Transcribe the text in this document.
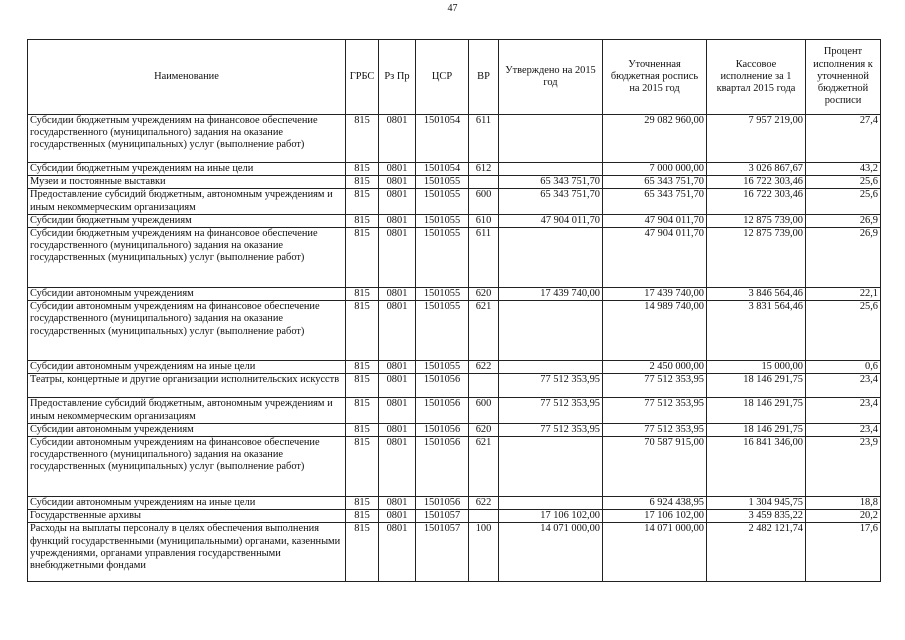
47
Наименование	ГРБС	Рз Пр	ЦСР	ВР	Утверждено на 2015 год	Уточненная бюджетная роспись на 2015 год	Кассовое исполнение за 1 квартал 2015 года	Процент исполнения к уточненной бюджетной росписи
Субсидии бюджетным учреждениям на финансовое обеспечение государственного (муниципального) задания на оказание государственных (муниципальных) услуг (выполнение работ)	815	0801	1501054	611		29 082 960,00	7 957 219,00	27,4
Субсидии бюджетным учреждениям на иные цели	815	0801	1501054	612		7 000 000,00	3 026 867,67	43,2
Музеи и постоянные выставки	815	0801	1501055		65 343 751,70	65 343 751,70	16 722 303,46	25,6
Предоставление субсидий бюджетным, автономным учреждениям и иным некоммерческим организациям	815	0801	1501055	600	65 343 751,70	65 343 751,70	16 722 303,46	25,6
Субсидии бюджетным учреждениям	815	0801	1501055	610	47 904 011,70	47 904 011,70	12 875 739,00	26,9
Субсидии бюджетным учреждениям на финансовое обеспечение государственного (муниципального) задания на оказание государственных (муниципальных) услуг (выполнение работ)	815	0801	1501055	611		47 904 011,70	12 875 739,00	26,9
Субсидии автономным учреждениям	815	0801	1501055	620	17 439 740,00	17 439 740,00	3 846 564,46	22,1
Субсидии автономным учреждениям на финансовое обеспечение государственного (муниципального) задания на оказание государственных (муниципальных) услуг (выполнение работ)	815	0801	1501055	621		14 989 740,00	3 831 564,46	25,6
Субсидии автономным учреждениям на иные цели	815	0801	1501055	622		2 450 000,00	15 000,00	0,6
Театры, концертные и другие организации исполнительских искусств	815	0801	1501056		77 512 353,95	77 512 353,95	18 146 291,75	23,4
Предоставление субсидий бюджетным, автономным учреждениям и иным некоммерческим организациям	815	0801	1501056	600	77 512 353,95	77 512 353,95	18 146 291,75	23,4
Субсидии автономным учреждениям	815	0801	1501056	620	77 512 353,95	77 512 353,95	18 146 291,75	23,4
Субсидии автономным учреждениям на финансовое обеспечение государственного (муниципального) задания на оказание государственных (муниципальных) услуг (выполнение работ)	815	0801	1501056	621		70 587 915,00	16 841 346,00	23,9
Субсидии автономным учреждениям на иные цели	815	0801	1501056	622		6 924 438,95	1 304 945,75	18,8
Государственные архивы	815	0801	1501057		17 106 102,00	17 106 102,00	3 459 835,22	20,2
Расходы на выплаты персоналу в целях обеспечения выполнения функций государственными (муниципальными) органами, казенными учреждениями, органами управления государственными внебюджетными фондами	815	0801	1501057	100	14 071 000,00	14 071 000,00	2 482 121,74	17,6
